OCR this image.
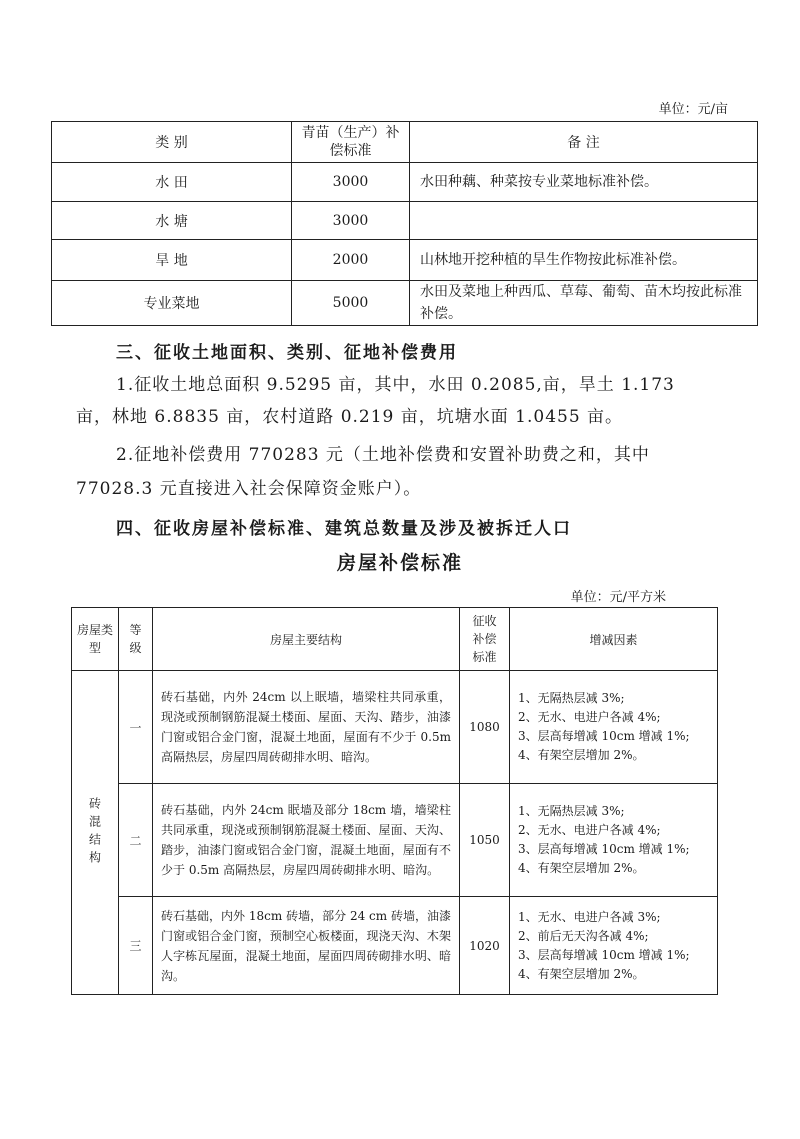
单位：元/亩
类 别	青苗（生产）补偿标准	备 注
水 田	3000	水田种藕、种菜按专业菜地标准补偿。
水 塘	3000	
旱 地	2000	山林地开挖种植的旱生作物按此标准补偿。
专业菜地	5000	水田及菜地上种西瓜、草莓、葡萄、苗木均按此标准补偿。
三、征收土地面积、类别、征地补偿费用
1.征收土地总面积 9.5295 亩，其中，水田 0.2085,亩，旱土 1.173
亩，林地 6.8835 亩，农村道路 0.219 亩，坑塘水面 1.0455 亩。
2.征地补偿费用 770283 元（土地补偿费和安置补助费之和，其中
77028.3 元直接进入社会保障资金账户）。
四、征收房屋补偿标准、建筑总数量及涉及被拆迁人口
房屋补偿标准
单位：元/平方米
房屋类型	等级	房屋主要结构	征收补偿标准	增减因素

砖混结构	一	砖石基础，内外 24cm 以上眠墙，墙梁柱共同承重，现浇或预制钢筋混凝土楼面、屋面、天沟、踏步，油漆门窗或铝合金门窗，混凝土地面，屋面有不少于 0.5m 高隔热层，房屋四周砖砌排水明、暗沟。	1080	1、无隔热层减 3%;
2、无水、电进户各减 4%;
3、层高每增减 10cm 增减 1%;
4、有架空层增加 2%。

	二	砖石基础，内外 24cm 眠墙及部分 18cm 墙，墙梁柱共同承重，现浇或预制钢筋混凝土楼面、屋面、天沟、踏步，油漆门窗或铝合金门窗，混凝土地面，屋面有不少于 0.5m 高隔热层，房屋四周砖砌排水明、暗沟。	1050	1、无隔热层减 3%;
2、无水、电进户各减 4%;
3、层高每增减 10cm 增减 1%;
4、有架空层增加 2%。

	三	砖石基础，内外 18cm 砖墙，部分 24 cm 砖墙，油漆门窗或铝合金门窗，预制空心板楼面，现浇天沟、木架人字栋瓦屋面，混凝土地面，屋面四周砖砌排水明、暗沟。	1020	1、无水、电进户各减 3%;
2、前后无天沟各减 4%;
3、层高每增减 10cm 增减 1%;
4、有架空层增加 2%。
